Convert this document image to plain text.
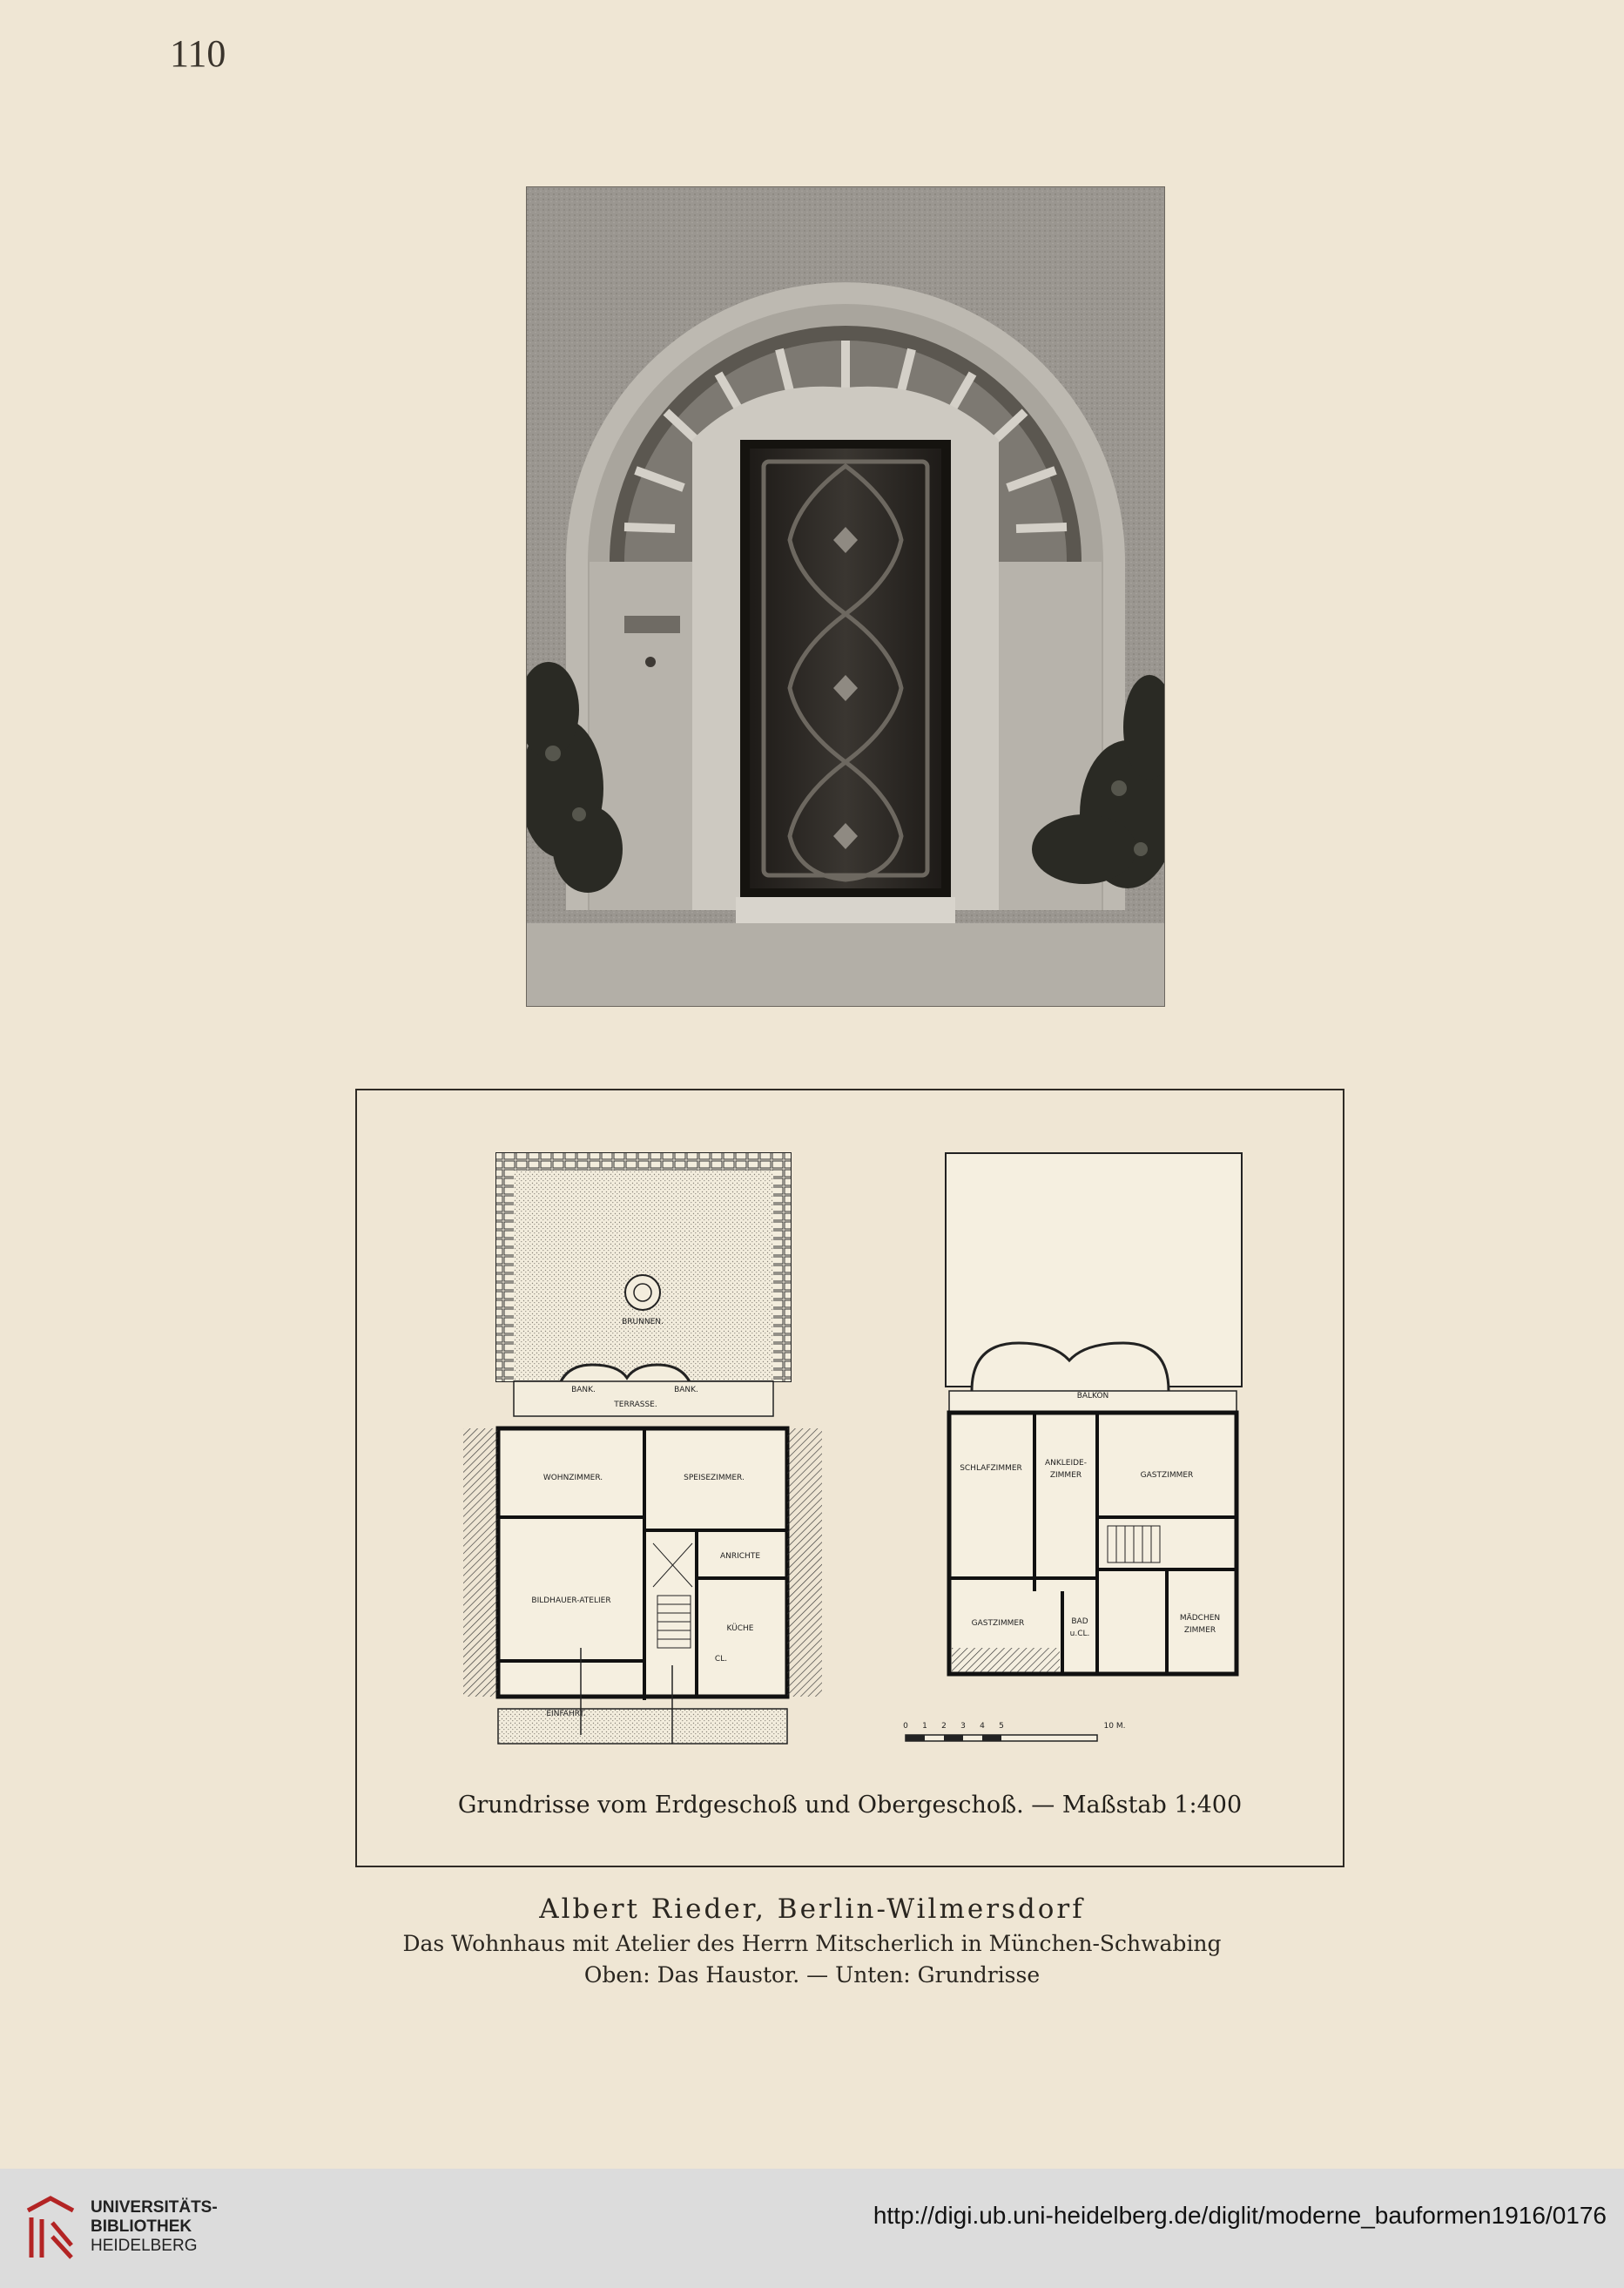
110
BRUNNEN.
BANK.	BANK.
TERRASSE.
WOHNZIMMER.	SPEISEZIMMER.
ANRICHTE
BILDHAUER-ATELIER
KÜCHE
CL.
EINFAHRT.
BALKON
SCHLAFZIMMER
ANKLEIDE-
ZIMMER	GASTZIMMER
GASTZIMMER	BAD
u.CL.
MÄDCHEN
ZIMMER
0 1 2 3 4 5	10 M.
Grundrisse vom Erdgeschoß und Obergeschoß. — Maßstab 1:400
Albert Rieder, Berlin-Wilmersdorf
Das Wohnhaus mit Atelier des Herrn Mitscherlich in München-Schwabing
Oben: Das Haustor. — Unten: Grundrisse
UNIVERSITÄTS-
BIBLIOTHEK
HEIDELBERG
http://digi.ub.uni-heidelberg.de/diglit/moderne_bauformen1916/0176
